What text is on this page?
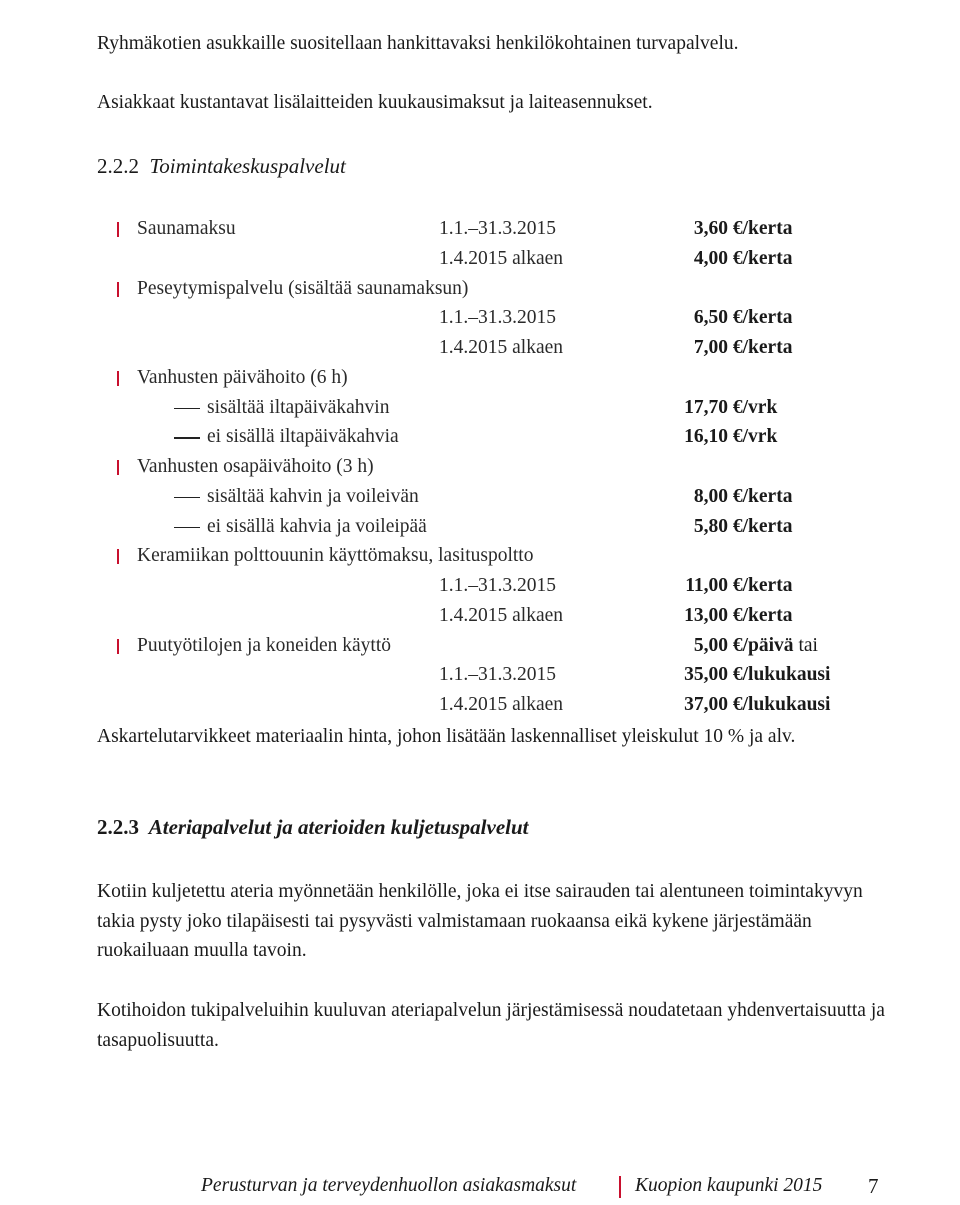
Ryhmäkotien asukkaille suositellaan hankittavaksi henkilökohtainen turvapalvelu.
Asiakkaat kustantavat lisälaitteiden kuukausimaksut ja laiteasennukset.
2.2.2 Toimintakeskuspalvelut
Saunamaksu	1.1.–31.3.2015	3,60 €/kerta
1.4.2015 alkaen	4,00 €/kerta
Peseytymispalvelu (sisältää saunamaksun)
1.1.–31.3.2015	6,50 €/kerta
1.4.2015 alkaen	7,00 €/kerta
Vanhusten päivähoito (6 h)
sisältää iltapäiväkahvin	17,70 €/vrk
ei sisällä iltapäiväkahvia	16,10 €/vrk
Vanhusten osapäivähoito (3 h)
sisältää kahvin ja voileivän	8,00 €/kerta
ei sisällä kahvia ja voileipää	5,80 €/kerta
Keramiikan polttouunin käyttömaksu, lasituspoltto
1.1.–31.3.2015	11,00 €/kerta
1.4.2015 alkaen	13,00 €/kerta
Puutyötilojen ja koneiden käyttö	5,00 €/päivä tai
1.1.–31.3.2015	35,00 €/lukukausi
1.4.2015 alkaen	37,00 €/lukukausi
Askartelutarvikkeet materiaalin hinta, johon lisätään laskennalliset yleiskulut 10 % ja alv.
2.2.3 Ateriapalvelut ja aterioiden kuljetuspalvelut
Kotiin kuljetettu ateria myönnetään henkilölle, joka ei itse sairauden tai alentuneen toimintakyvyn takia pysty joko tilapäisesti tai pysyvästi valmistamaan ruokaansa eikä kykene järjestämään ruokailuaan muulla tavoin.
Kotihoidon tukipalveluihin kuuluvan ateriapalvelun järjestämisessä noudatetaan yhdenvertaisuutta ja tasapuolisuutta.
Perusturvan ja terveydenhuollon asiakasmaksut	Kuopion kaupunki 2015 7
